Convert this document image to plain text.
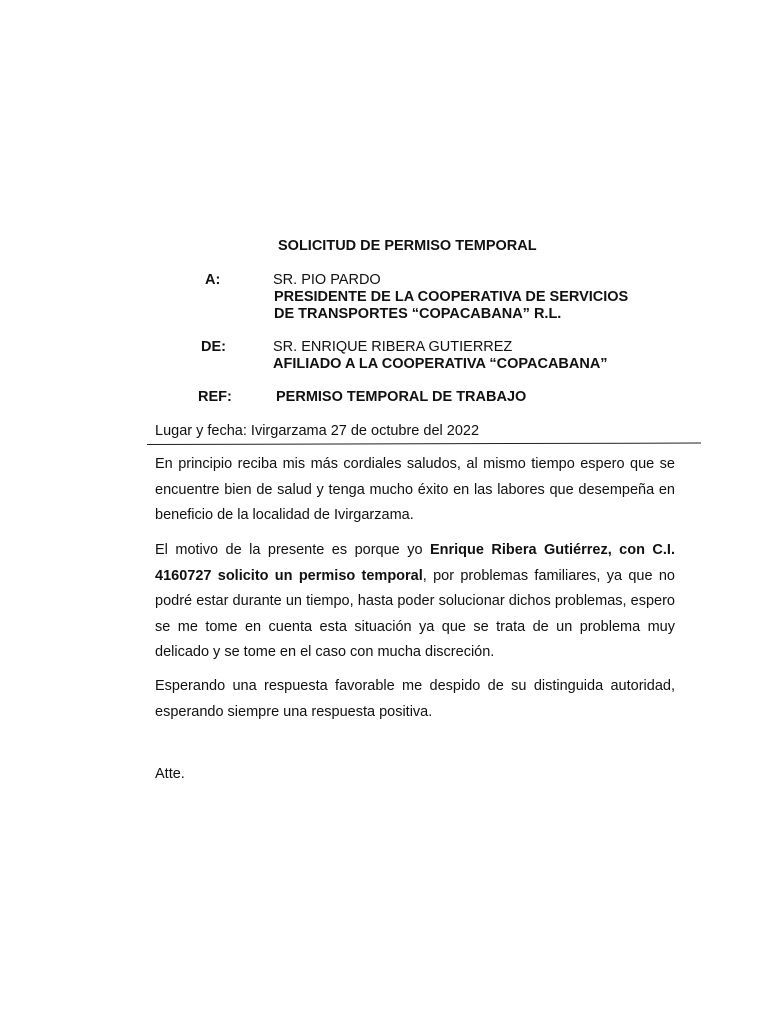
SOLICITUD DE PERMISO TEMPORAL
A:	SR. PIO PARDO
PRESIDENTE DE LA COOPERATIVA DE SERVICIOS
DE TRANSPORTES “COPACABANA” R.L.
DE:	SR. ENRIQUE RIBERA GUTIERREZ
AFILIADO A LA COOPERATIVA “COPACABANA”
REF:	PERMISO TEMPORAL DE TRABAJO
Lugar y fecha: Ivirgarzama 27 de octubre del 2022
En principio reciba mis más cordiales saludos, al mismo tiempo espero que se encuentre bien de salud y tenga mucho éxito en las labores que desempeña en beneficio de la localidad de Ivirgarzama.
El motivo de la presente es porque yo Enrique Ribera Gutiérrez, con C.I. 4160727 solicito un permiso temporal, por problemas familiares, ya que no podré estar durante un tiempo, hasta poder solucionar dichos problemas, espero se me tome en cuenta esta situación ya que se trata de un problema muy delicado y se tome en el caso con mucha discreción.
Esperando una respuesta favorable me despido de su distinguida autoridad, esperando siempre una respuesta positiva.
Atte.
